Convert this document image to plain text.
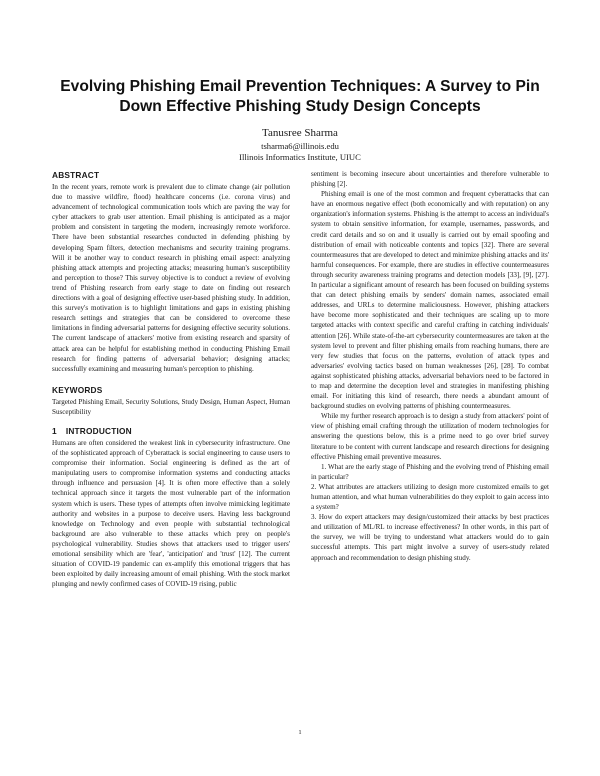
Evolving Phishing Email Prevention Techniques: A Survey to Pin Down Effective Phishing Study Design Concepts
Tanusree Sharma
tsharma6@illinois.edu
Illinois Informatics Institute, UIUC
ABSTRACT

In the recent years, remote work is prevalent due to climate change (air pollution due to massive wildfire, flood) healthcare concerns (i.e. corona virus) and advancement of technological communication tools which are paving the way for cyber attackers to grab user attention. Email phishing is anticipated as a major problem and consistent in targeting the modern, increasingly remote workforce. There have been substantial researches conducted in defending phishing by developing Spam filters, detection mechanisms and security training programs. Will it be another way to conduct research in phishing email aspect: analyzing phishing attack attempts and projecting attacks; measuring human's susceptibility and perception to those? This survey objective is to conduct a review of evolving trend of Phishing research from early stage to date on finding out research directions with a goal of designing effective user-based phishing study. In addition, this survey's motivation is to highlight limitations and gaps in existing phishing research settings and strategies that can be considered to overcome these limitations in finding adversarial patterns for designing effective security solutions. The current landscape of attackers' motive from existing research and sparsity of attack area can be helpful for establishing method in conducting Phishing Email research for finding patterns of adversarial behavior; designing attacks; successfully examining and measuring human's perception to phishing.

KEYWORDS

Targeted Phishing Email, Security Solutions, Study Design, Human Aspect, Human Susceptibility

1 INTRODUCTION

Humans are often considered the weakest link in cybersecurity infrastructure. One of the sophisticated approach of Cyberattack is social engineering to cause users to compromise their information. Social engineering is defined as the art of manipulating users to compromise information systems and conducting attacks through influence and persuasion [4]. It is often more effective than a solely technical approach since it targets the most vulnerable part of the information system which is users. These types of attempts often involve mimicking legitimate authority and websites in a purpose to deceive users. Having less background knowledge on Technology and even people with substantial technological background are also vulnerable to these attacks which prey on people's psychological vulnerability. Studies shows that attackers used to trigger users' emotional sensibility which are 'fear', 'anticipation' and 'trust' [12]. The current situation of COVID-19 pandemic can ex-amplify this emotional triggers that has been exploited by daily increasing amount of email phishing. With the stock market plunging and newly confirmed cases of COVID-19 rising, public

sentiment is becoming insecure about uncertainties and therefore vulnerable to phishing [2].

Phishing email is one of the most common and frequent cyberattacks that can have an enormous negative effect (both economically and with reputation) on any organization's information systems. Phishing is the attempt to access an individual's system to obtain sensitive information, for example, usernames, passwords, and credit card details and so on and it usually is carried out by email spoofing and distribution of email with noticeable contents and topics [32]. There are several countermeasures that are developed to detect and minimize phishing attacks and its' harmful consequences. For example, there are studies in effective countermeasures through security awareness training programs and detection models [33], [9], [27]. In particular a significant amount of research has been focused on building systems that can detect phishing emails by senders' domain names, associated email addresses, and URLs to determine maliciousness. However, phishing attackers have become more sophisticated and their techniques are scaling up to more targeted attacks with context specific and careful crafting in catching individuals' attention [26]. While state-of-the-art cybersecurity countermeasures are taken at the system level to prevent and filter phishing emails from reaching humans, there are very few studies that focus on the patterns, evolution of attack types and adversaries' evolving tactics based on human weaknesses [26], [28]. To combat against sophisticated phishing attacks, adversarial behaviors need to be factored in to map and determine the deception level and strategies in manifesting phishing email. For initiating this kind of research, there needs a abundant amount of background studies on evolving patterns of phishing countermeasures.

While my further research approach is to design a study from attackers' point of view of phishing email crafting through the utilization of modern technologies for answering the questions below, this is a prime need to go over brief survey literature to be content with current landscape and research directions for designing effective Phishing email preventive measures.

1. What are the early stage of Phishing and the evolving trend of Phishing email in particular?

2. What attributes are attackers utilizing to design more customized emails to get human attention, and what human vulnerabilities do they exploit to gain access into a system?

3. How do expert attackers may design/customized their attacks by best practices and utilization of ML/RL to increase effectiveness? In other words, in this part of the survey, we will be trying to understand what attackers would do to gain successful attempts. This part might involve a survey of users-study related approach and recommendation to design phishing study.

1
